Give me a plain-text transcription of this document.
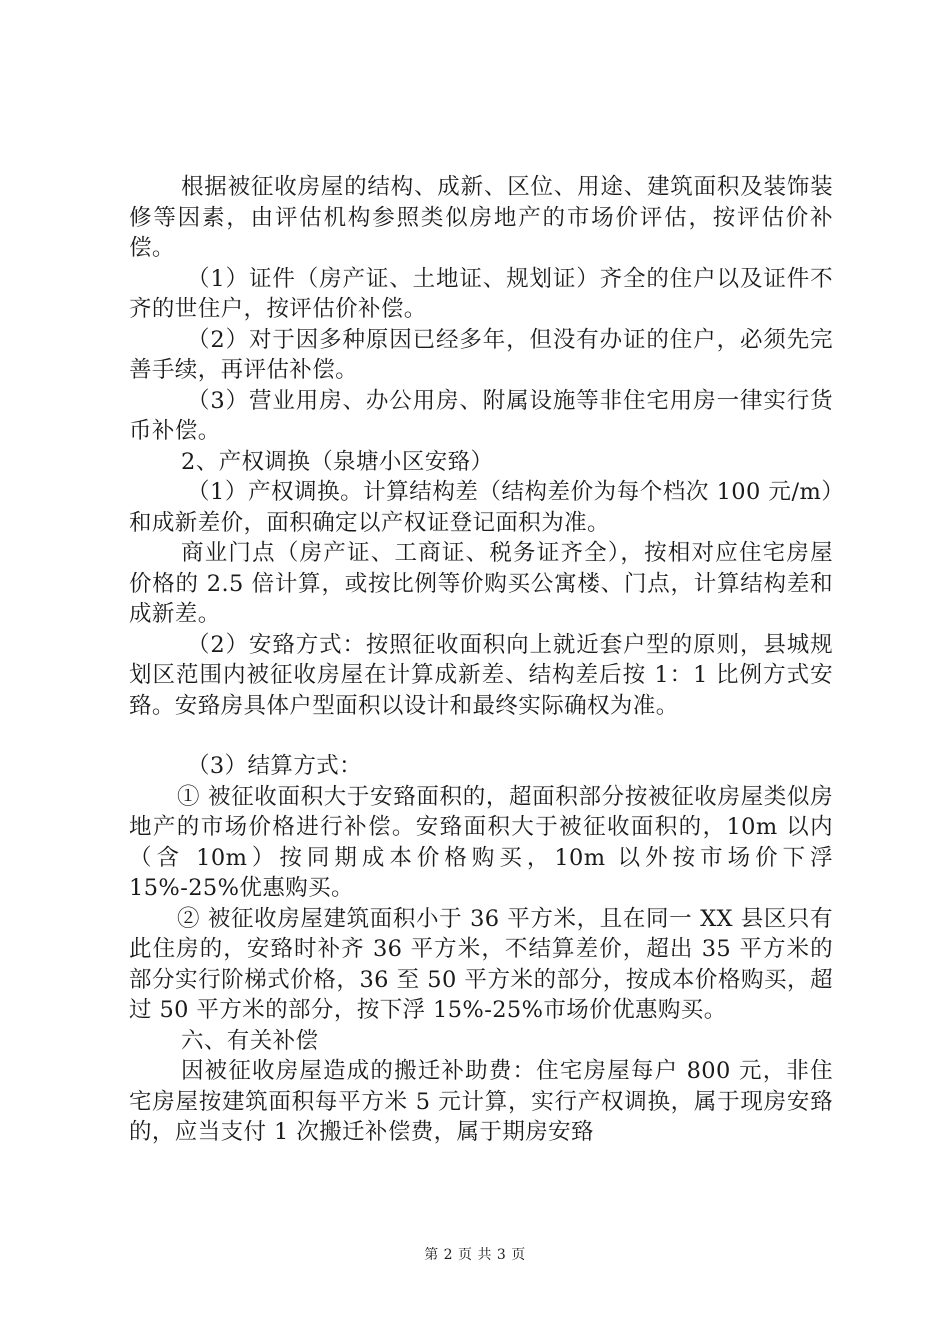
根据被征收房屋的结构、成新、区位、用途、建筑面积及装饰装修等因素，由评估机构参照类似房地产的市场价评估，按评估价补偿。

（1）证件（房产证、土地证、规划证）齐全的住户以及证件不齐的世住户，按评估价补偿。

（2）对于因多种原因已经多年，但没有办证的住户，必须先完善手续，再评估补偿。

（3）营业用房、办公用房、附属设施等非住宅用房一律实行货币补偿。

2、产权调换（泉塘小区安臵）

（1）产权调换。计算结构差（结构差价为每个档次 100 元/m）和成新差价，面积确定以产权证登记面积为准。

商业门点（房产证、工商证、税务证齐全），按相对应住宅房屋价格的 2.5 倍计算，或按比例等价购买公寓楼、门点，计算结构差和成新差。

（2）安臵方式：按照征收面积向上就近套户型的原则，县城规划区范围内被征收房屋在计算成新差、结构差后按 1：1 比例方式安臵。安臵房具体户型面积以设计和最终实际确权为准。

（3）结算方式：

① 被征收面积大于安臵面积的，超面积部分按被征收房屋类似房地产的市场价格进行补偿。安臵面积大于被征收面积的，10m 以内（含 10m）按同期成本价格购买，10m 以外按市场价下浮 15%-25%优惠购买。

② 被征收房屋建筑面积小于 36 平方米，且在同一 XX 县区只有此住房的，安臵时补齐 36 平方米，不结算差价，超出 35 平方米的部分实行阶梯式价格，36 至 50 平方米的部分，按成本价格购买，超过 50 平方米的部分，按下浮 15%-25%市场价优惠购买。

六、有关补偿

因被征收房屋造成的搬迁补助费：住宅房屋每户 800 元，非住宅房屋按建筑面积每平方米 5 元计算，实行产权调换，属于现房安臵的，应当支付 1 次搬迁补偿费，属于期房安臵

第 2 页 共 3 页
